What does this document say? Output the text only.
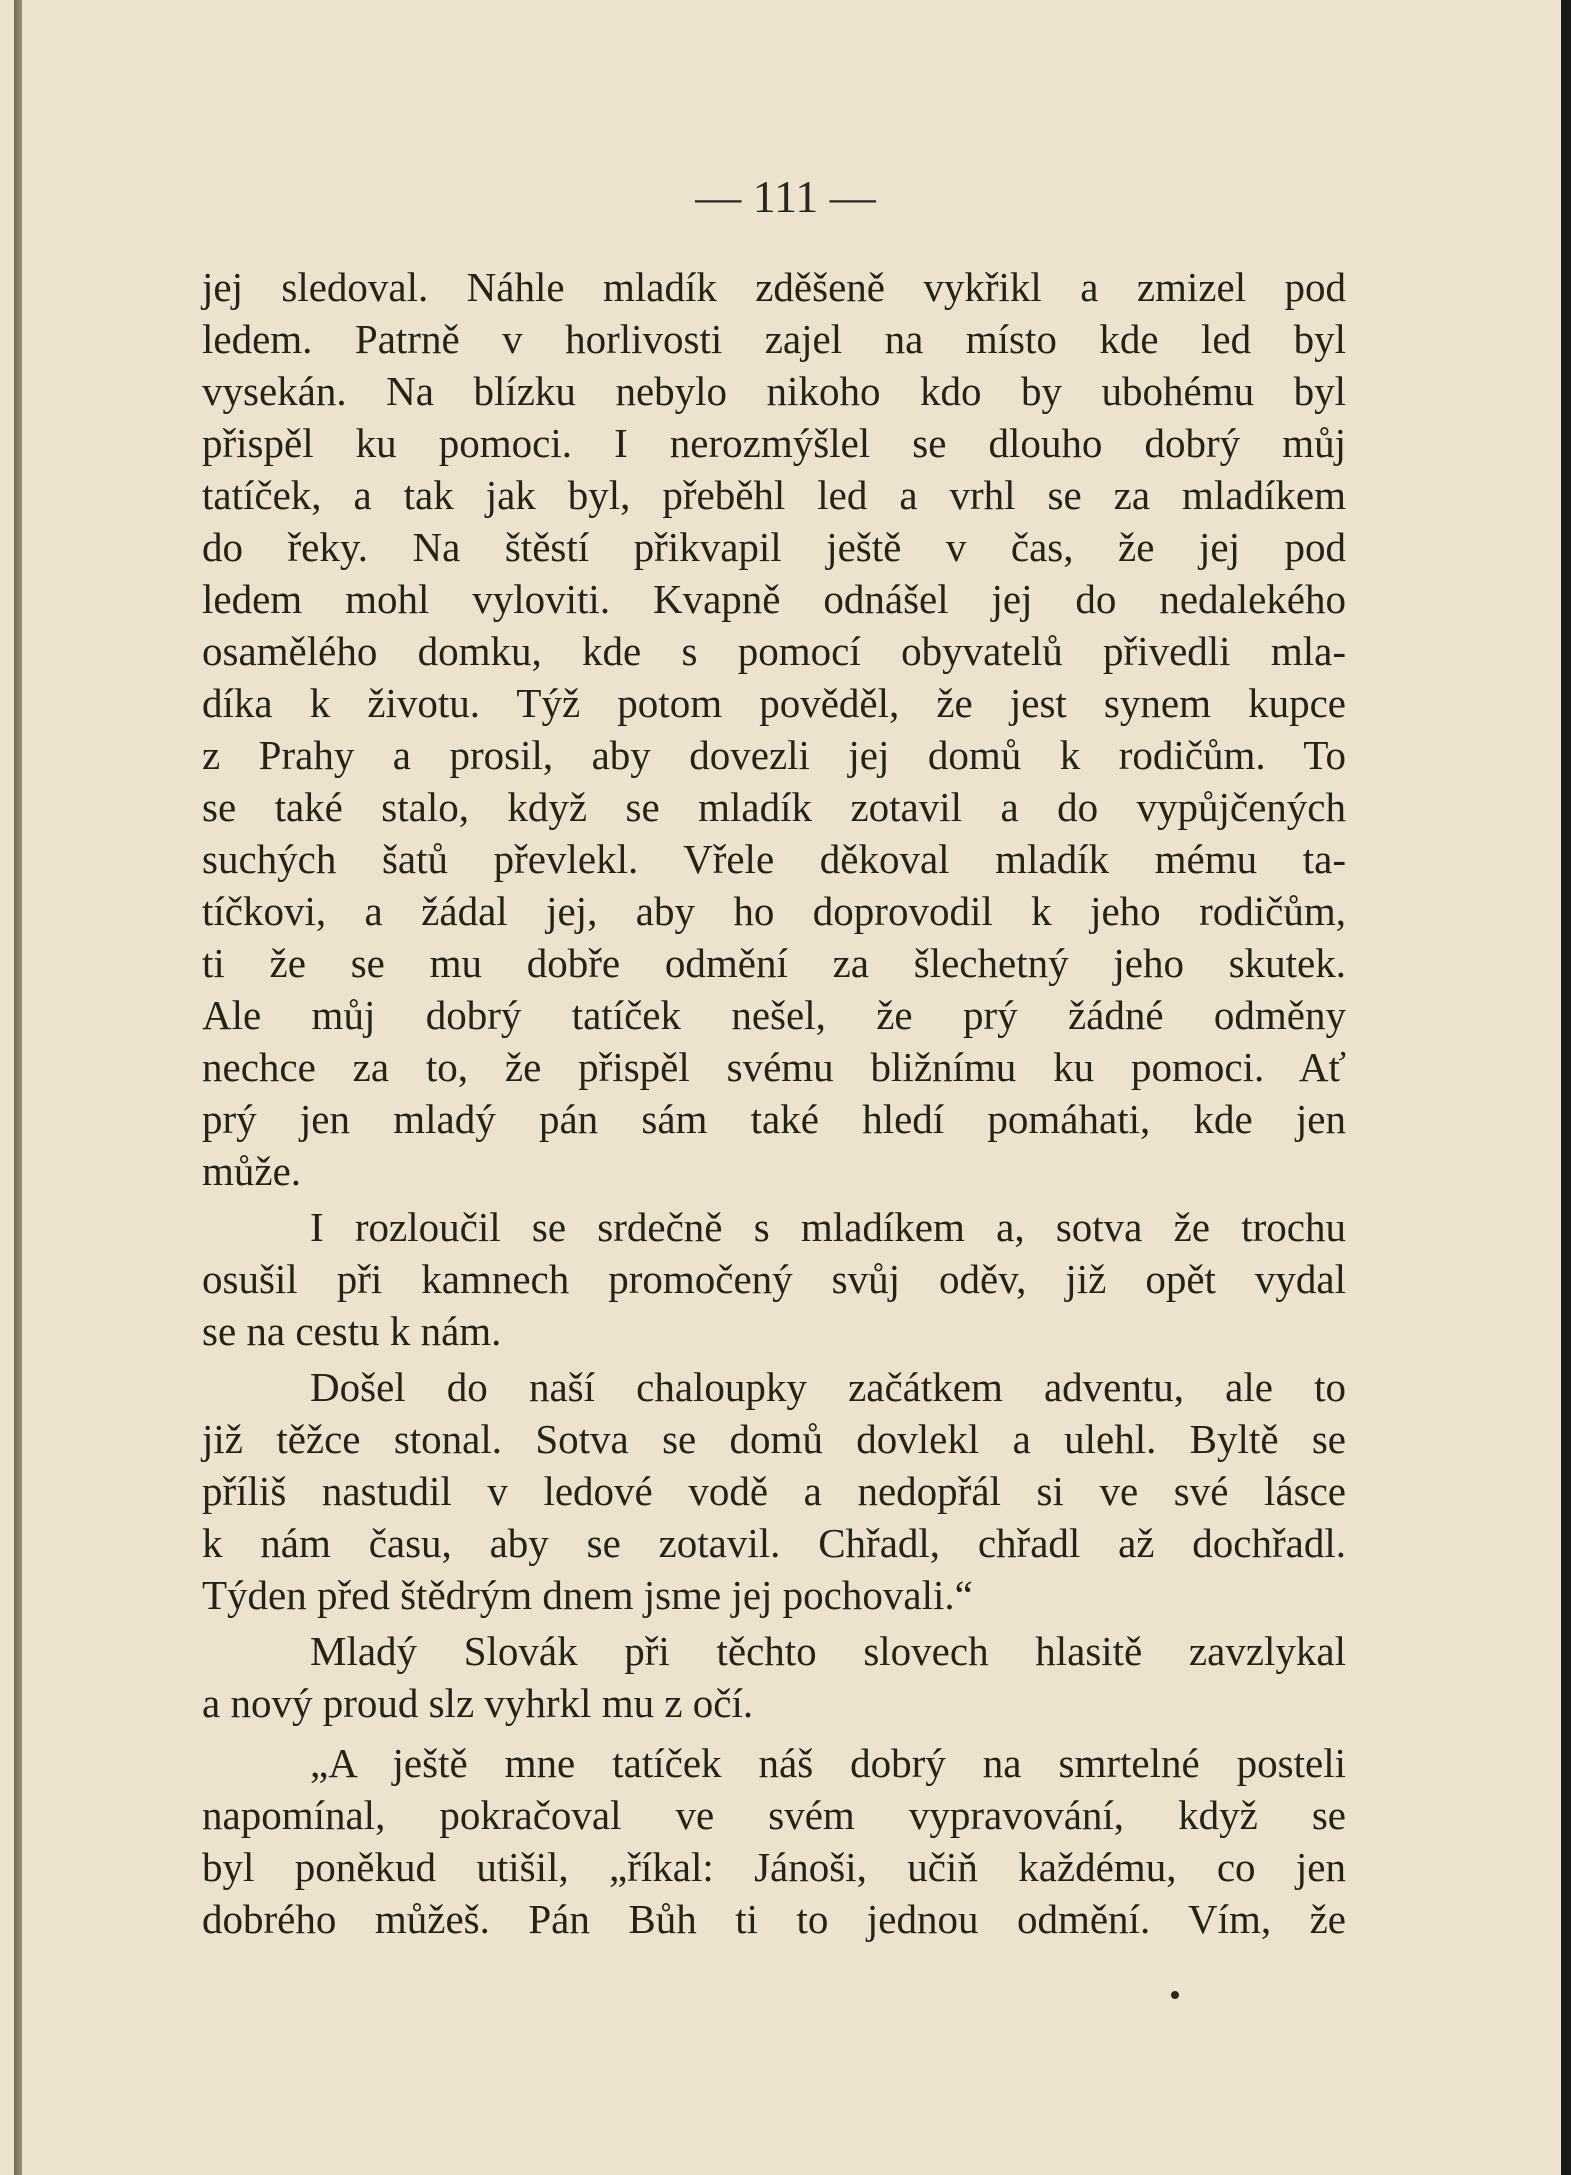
— 111 —
jej sledoval. Náhle mladík zděšeně vykřikl a zmizel pod
ledem. Patrně v horlivosti zajel na místo kde led byl
vysekán. Na blízku nebylo nikoho kdo by ubohému byl
přispěl ku pomoci. I nerozmýšlel se dlouho dobrý můj
tatíček, a tak jak byl, přeběhl led a vrhl se za mladíkem
do řeky. Na štěstí přikvapil ještě v čas, že jej pod
ledem mohl vyloviti. Kvapně odnášel jej do nedalekého
osamělého domku, kde s pomocí obyvatelů přivedli mla-
díka k životu. Týž potom pověděl, že jest synem kupce
z Prahy a prosil, aby dovezli jej domů k rodičům. To
se také stalo, když se mladík zotavil a do vypůjčených
suchých šatů převlekl. Vřele děkoval mladík mému ta-
tíčkovi, a žádal jej, aby ho doprovodil k jeho rodičům,
ti že se mu dobře odmění za šlechetný jeho skutek.
Ale můj dobrý tatíček nešel, že prý žádné odměny
nechce za to, že přispěl svému bližnímu ku pomoci. Ať
prý jen mladý pán sám také hledí pomáhati, kde jen
může.
I rozloučil se srdečně s mladíkem a, sotva že trochu
osušil při kamnech promočený svůj oděv, již opět vydal
se na cestu k nám.
Došel do naší chaloupky začátkem adventu, ale to
již těžce stonal. Sotva se domů dovlekl a ulehl. Byltě se
příliš nastudil v ledové vodě a nedopřál si ve své lásce
k nám času, aby se zotavil. Chřadl, chřadl až dochřadl.
Týden před štědrým dnem jsme jej pochovali.“
Mladý Slovák při těchto slovech hlasitě zavzlykal
a nový proud slz vyhrkl mu z očí.
„A ještě mne tatíček náš dobrý na smrtelné posteli
napomínal, pokračoval ve svém vypravování, když se
byl poněkud utišil, „říkal: Jánoši, učiň každému, co jen
dobrého můžeš. Pán Bůh ti to jednou odmění. Vím, že
